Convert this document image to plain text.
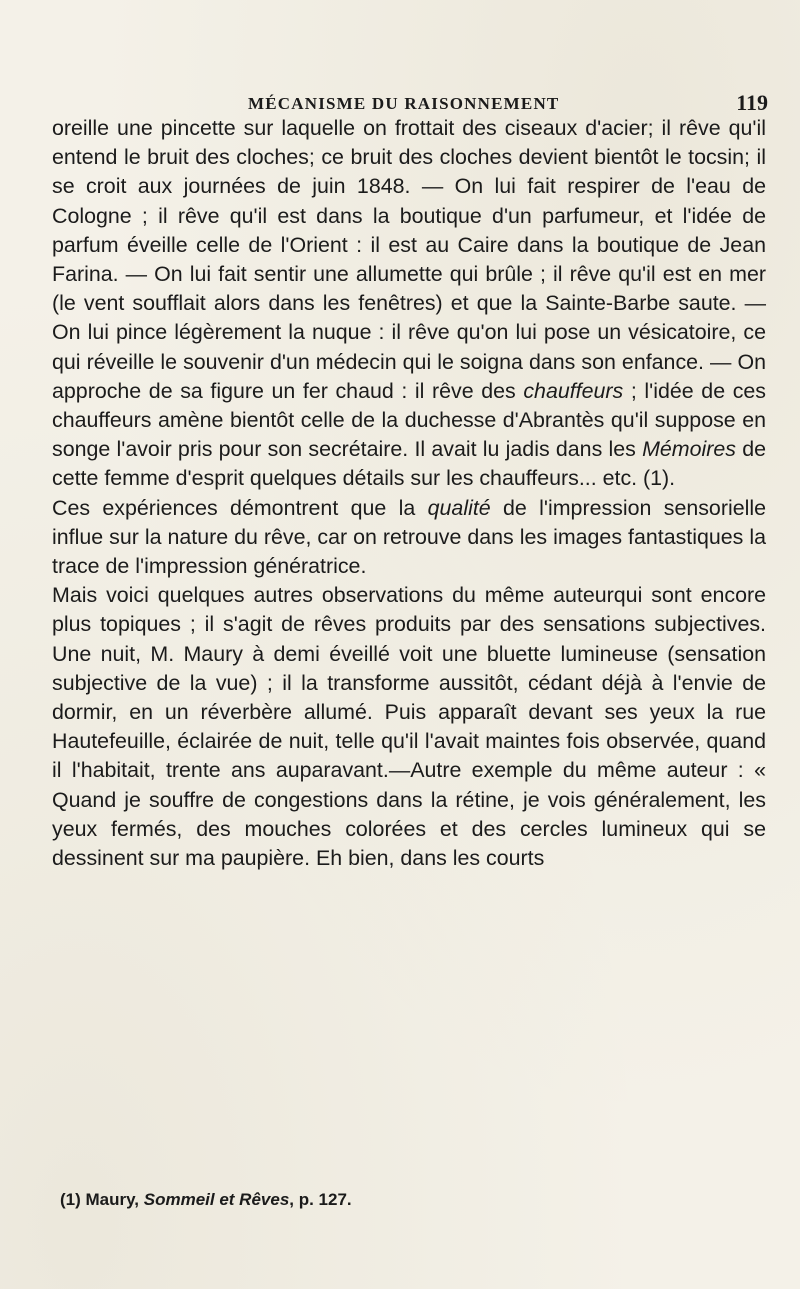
MÉCANISME DU RAISONNEMENT	119

oreille une pincette sur laquelle on frottait des ciseaux d'acier; il rêve qu'il entend le bruit des cloches; ce bruit des cloches devient bientôt le tocsin; il se croit aux journées de juin 1848. — On lui fait respirer de l'eau de Cologne ; il rêve qu'il est dans la boutique d'un parfumeur, et l'idée de parfum éveille celle de l'Orient : il est au Caire dans la boutique de Jean Farina. — On lui fait sentir une allumette qui brûle ; il rêve qu'il est en mer (le vent soufflait alors dans les fenêtres) et que la Sainte-Barbe saute. — On lui pince légèrement la nuque : il rêve qu'on lui pose un vésicatoire, ce qui réveille le souvenir d'un médecin qui le soigna dans son enfance. — On approche de sa figure un fer chaud : il rêve des chauffeurs ; l'idée de ces chauffeurs amène bientôt celle de la duchesse d'Abrantès qu'il suppose en songe l'avoir pris pour son secrétaire. Il avait lu jadis dans les Mémoires de cette femme d'esprit quelques détails sur les chauffeurs... etc. (1).

Ces expériences démontrent que la qualité de l'impression sensorielle influe sur la nature du rêve, car on retrouve dans les images fantastiques la trace de l'impression génératrice.

Mais voici quelques autres observations du même auteurqui sont encore plus topiques ; il s'agit de rêves produits par des sensations subjectives. Une nuit, M. Maury à demi éveillé voit une bluette lumineuse (sensation subjective de la vue) ; il la transforme aussitôt, cédant déjà à l'envie de dormir, en un réverbère allumé. Puis apparaît devant ses yeux la rue Hautefeuille, éclairée de nuit, telle qu'il l'avait maintes fois observée, quand il l'habitait, trente ans auparavant.—Autre exemple du même auteur : « Quand je souffre de congestions dans la rétine, je vois généralement, les yeux fermés, des mouches colorées et des cercles lumineux qui se dessinent sur ma paupière. Eh bien, dans les courts

(1) Maury, Sommeil et Rêves, p. 127.
